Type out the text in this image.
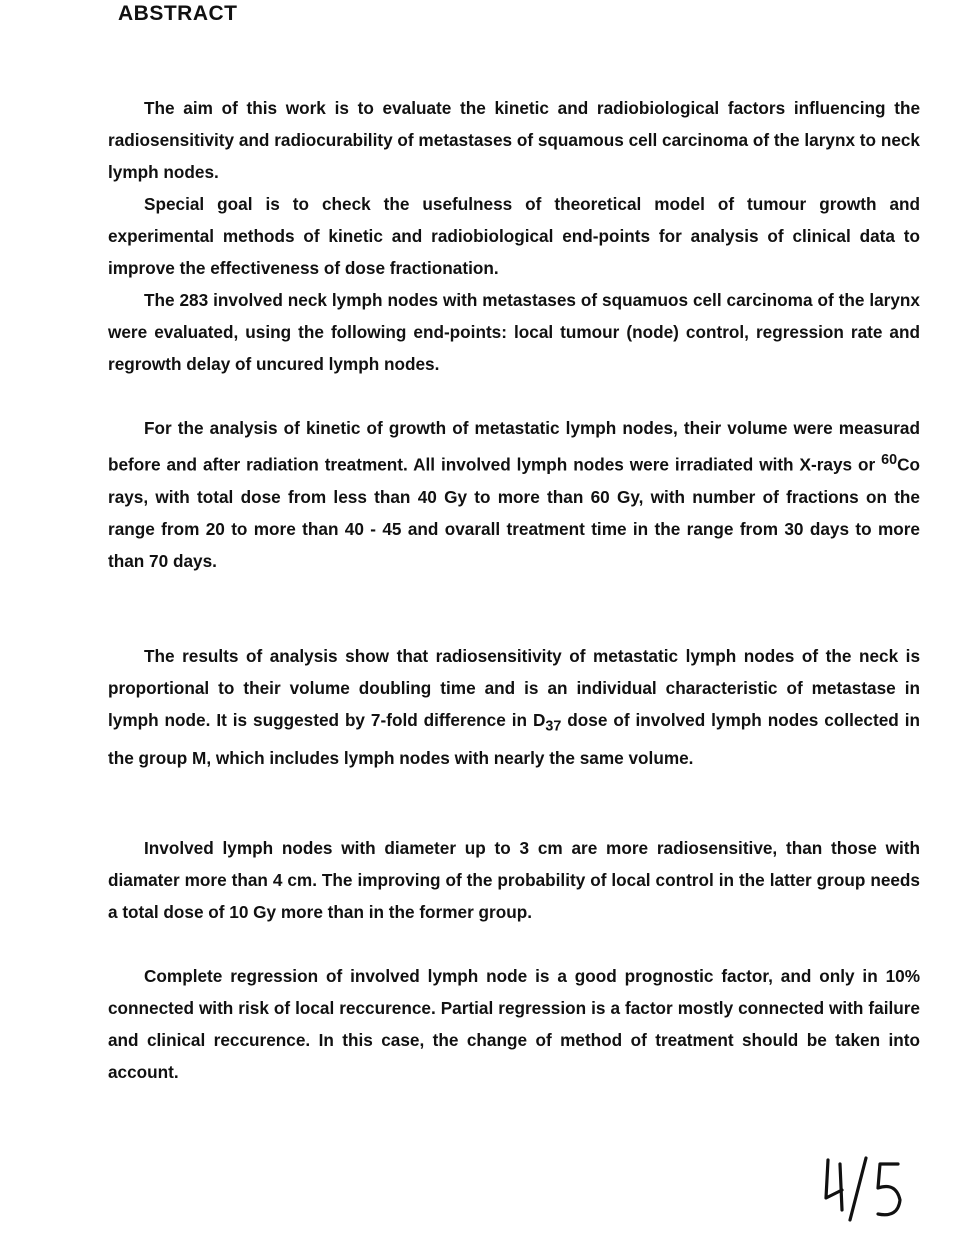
ABSTRACT

The aim of this work is to evaluate the kinetic and radiobiological factors influencing the radiosensitivity and radiocurability of metastases of squamous cell carcinoma of the larynx to neck lymph nodes.

Special goal is to check the usefulness of theoretical model of tumour growth and experimental methods of kinetic and radiobiological end-points for analysis of clinical data to improve the effectiveness of dose fractionation.

The 283 involved neck lymph nodes with metastases of squamuos cell carcinoma of the larynx were evaluated, using the following end-points: local tumour (node) control, regression rate and regrowth delay of uncured lymph nodes.

For the analysis of kinetic of growth of metastatic lymph nodes, their volume were measurad before and after radiation treatment. All involved lymph nodes were irradiated with X-rays or $^{60}$Co rays, with total dose from less than 40 Gy to more than 60 Gy, with number of fractions on the range from 20 to more than 40 - 45 and ovarall treatment time in the range from 30 days to more than 70 days.

The results of analysis show that radiosensitivity of metastatic lymph nodes of the neck is proportional to their volume doubling time and is an individual characteristic of metastase in lymph node. It is suggested by 7-fold difference in $D_{37}$ dose of involved lymph nodes collected in the group M, which includes lymph nodes with nearly the same volume.

Involved lymph nodes with diameter up to 3 cm are more radiosensitive, than those with diamater more than 4 cm. The improving of the probability of local control in the latter group needs a total dose of 10 Gy more than in the former group.

Complete regression of involved lymph node is a good prognostic factor, and only in 10% connected with risk of local reccurence. Partial regression is a factor mostly connected with failure and clinical reccurence. In this case, the change of method of treatment should be taken into account.
